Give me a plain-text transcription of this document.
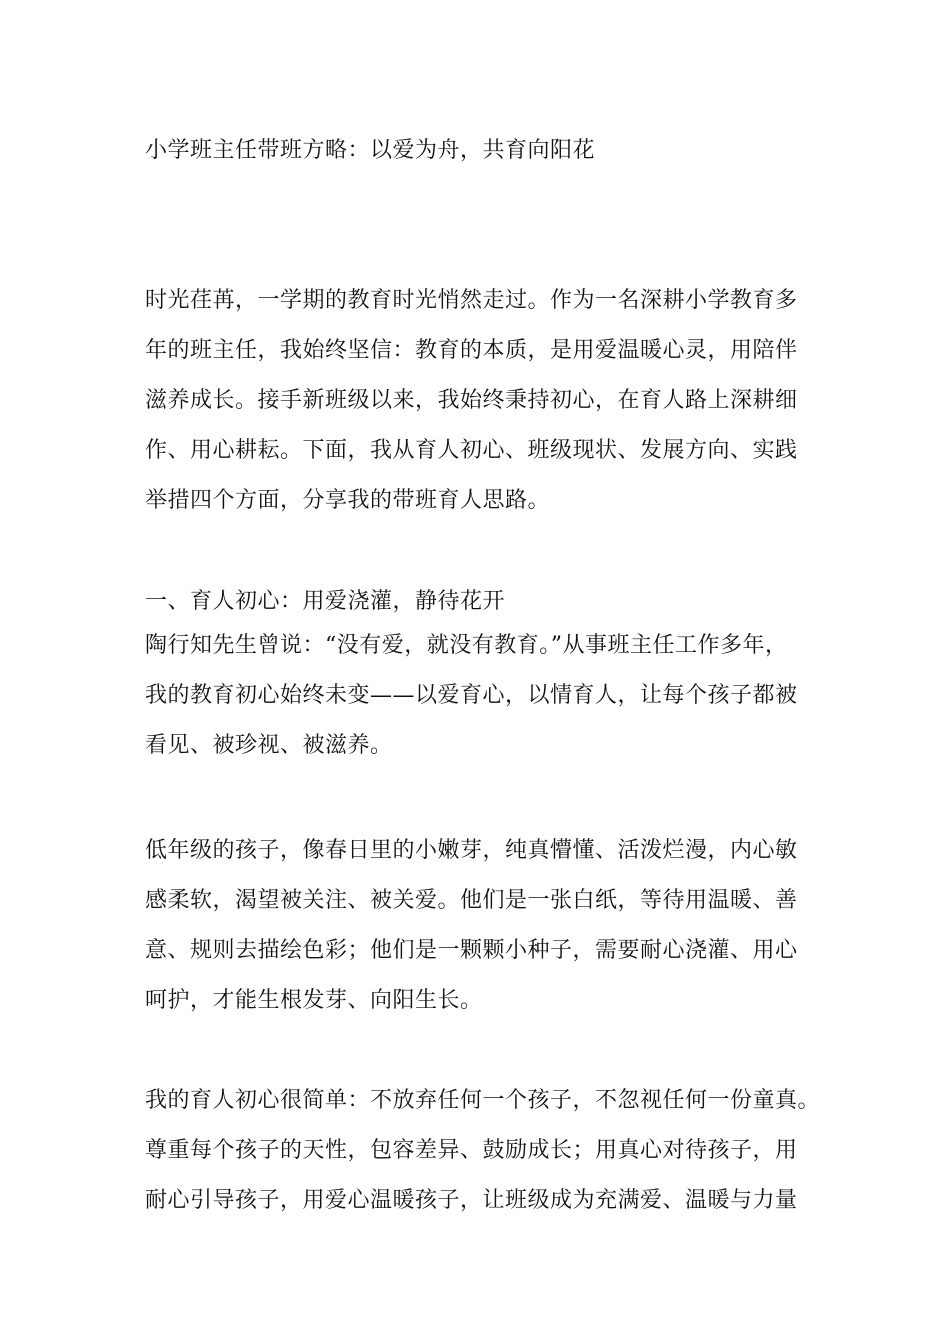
小学班主任带班方略：以爱为舟，共育向阳花
时光荏苒，一学期的教育时光悄然走过。作为一名深耕小学教育多
年的班主任，我始终坚信：教育的本质，是用爱温暖心灵，用陪伴
滋养成长。接手新班级以来，我始终秉持初心，在育人路上深耕细
作、用心耕耘。下面，我从育人初心、班级现状、发展方向、实践
举措四个方面，分享我的带班育人思路。
一、育人初心：用爱浇灌，静待花开
陶行知先生曾说：“没有爱，就没有教育。”从事班主任工作多年，
我的教育初心始终未变——以爱育心，以情育人，让每个孩子都被
看见、被珍视、被滋养。
低年级的孩子，像春日里的小嫩芽，纯真懵懂、活泼烂漫，内心敏
感柔软，渴望被关注、被关爱。他们是一张白纸，等待用温暖、善
意、规则去描绘色彩；他们是一颗颗小种子，需要耐心浇灌、用心
呵护，才能生根发芽、向阳生长。
我的育人初心很简单：不放弃任何一个孩子，不忽视任何一份童真。
尊重每个孩子的天性，包容差异、鼓励成长；用真心对待孩子，用
耐心引导孩子，用爱心温暖孩子，让班级成为充满爱、温暖与力量
